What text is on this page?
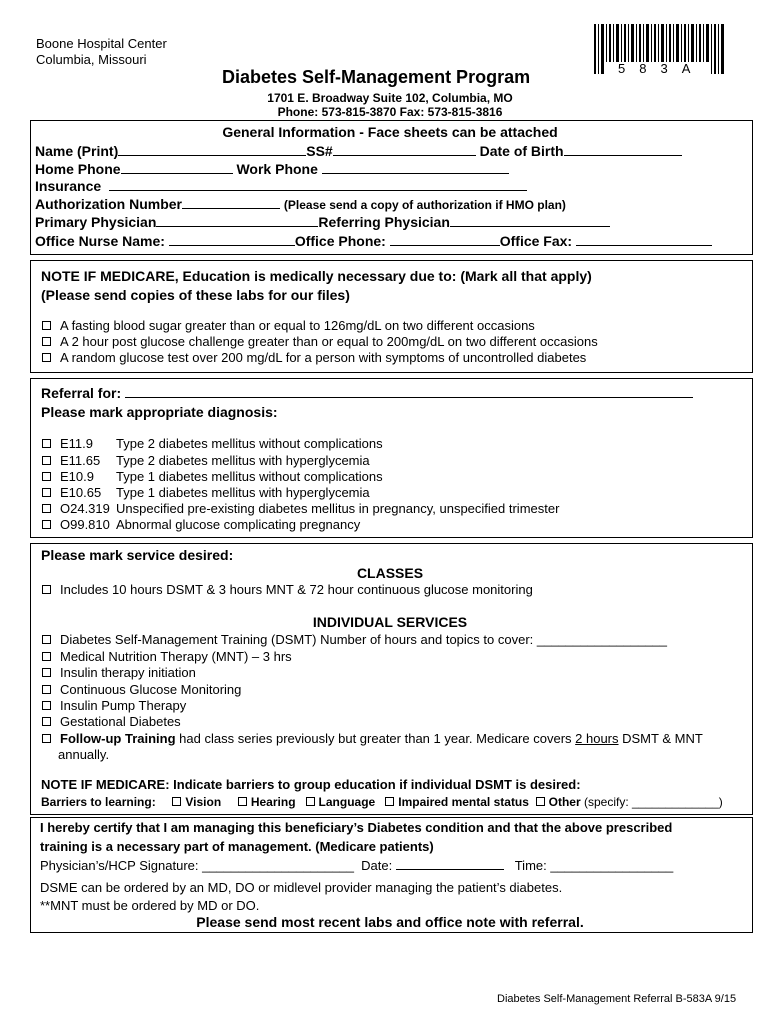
Boone Hospital Center
Columbia, Missouri
583A
Diabetes Self-Management Program
1701 E. Broadway Suite 102, Columbia, MO
Phone: 573-815-3870 Fax: 573-815-3816
General Information - Face sheets can be attached
Name (Print)	SS#	Date of Birth
Home Phone	Work Phone
Insurance
Authorization Number	(Please send a copy of authorization if HMO plan)
Primary Physician	Referring Physician
Office Nurse Name:	Office Phone:	Office Fax:
NOTE IF MEDICARE, Education is medically necessary due to: (Mark all that apply)
(Please send copies of these labs for our files)
A fasting blood sugar greater than or equal to 126mg/dL on two different occasions
A 2 hour post glucose challenge greater than or equal to 200mg/dL on two different occasions
A random glucose test over 200 mg/dL for a person with symptoms of uncontrolled diabetes
Referral for:
Please mark appropriate diagnosis:
E11.9 Type 2 diabetes mellitus without complications
E11.65 Type 2 diabetes mellitus with hyperglycemia
E10.9 Type 1 diabetes mellitus without complications
E10.65 Type 1 diabetes mellitus with hyperglycemia
O24.319 Unspecified pre-existing diabetes mellitus in pregnancy, unspecified trimester
O99.810 Abnormal glucose complicating pregnancy
Please mark service desired:
CLASSES
Includes 10 hours DSMT & 3 hours MNT & 72 hour continuous glucose monitoring
INDIVIDUAL SERVICES
Diabetes Self-Management Training (DSMT) Number of hours and topics to cover: __________________
Medical Nutrition Therapy (MNT) – 3 hrs
Insulin therapy initiation
Continuous Glucose Monitoring
Insulin Pump Therapy
Gestational Diabetes
Follow-up Training had class series previously but greater than 1 year. Medicare covers 2 hours DSMT & MNT
annually.
NOTE IF MEDICARE: Indicate barriers to group education if individual DSMT is desired:
Barriers to learning: Vision Hearing Language Impaired mental status Other (specify: _____________)
I hereby certify that I am managing this beneficiary’s Diabetes condition and that the above prescribed
training is a necessary part of management. (Medicare patients)
Physician’s/HCP Signature: _____________________ Date:	Time: _________________
DSME can be ordered by an MD, DO or midlevel provider managing the patient’s diabetes.
**MNT must be ordered by MD or DO.
Please send most recent labs and office note with referral.
Diabetes Self-Management Referral B-583A 9/15
